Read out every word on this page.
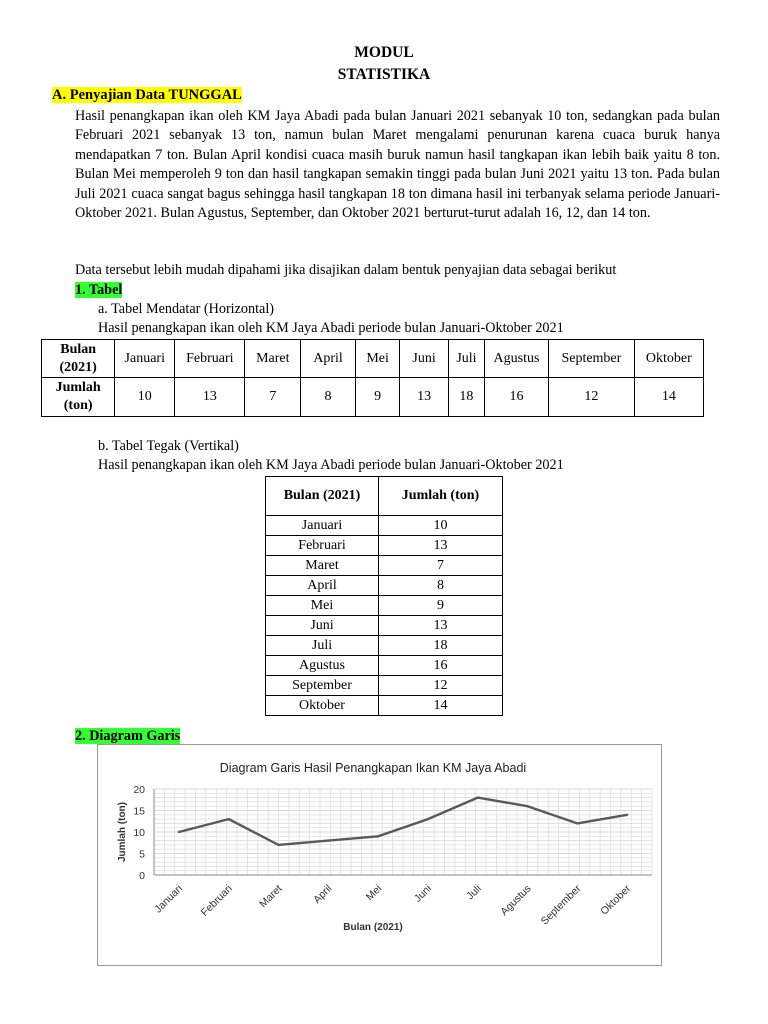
MODUL
STATISTIKA
A. Penyajian Data TUNGGAL
Hasil penangkapan ikan oleh KM Jaya Abadi pada bulan Januari 2021 sebanyak 10 ton, sedangkan pada bulan Februari 2021 sebanyak 13 ton, namun bulan Maret mengalami penurunan karena cuaca buruk hanya mendapatkan 7 ton. Bulan April kondisi cuaca masih buruk namun hasil tangkapan ikan lebih baik yaitu 8 ton. Bulan Mei memperoleh 9 ton dan hasil tangkapan semakin tinggi pada bulan Juni 2021 yaitu 13 ton. Pada bulan Juli 2021 cuaca sangat bagus sehingga hasil tangkapan 18 ton dimana hasil ini terbanyak selama periode Januari-Oktober 2021. Bulan Agustus, September, dan Oktober 2021 berturut-turut adalah 16, 12, dan 14 ton.
Data tersebut lebih mudah dipahami jika disajikan dalam bentuk penyajian data sebagai berikut
1. Tabel
a. Tabel Mendatar (Horizontal)
Hasil penangkapan ikan oleh KM Jaya Abadi periode bulan Januari-Oktober 2021
Bulan
(2021)	Januari	Februari	Maret	April	Mei	Juni	Juli	Agustus	September	Oktober

Jumlah
(ton)	10	13	7	8	9	13	18	16	12	14
b. Tabel Tegak (Vertikal)
Hasil penangkapan ikan oleh KM Jaya Abadi periode bulan Januari-Oktober 2021
Bulan (2021)	Jumlah (ton)
Januari	10
Februari	13
Maret	7
April	8
Mei	9
Juni	13
Juli	18
Agustus	16
September	12
Oktober	14
2. Diagram Garis
Diagram Garis Hasil Penangkapan Ikan KM Jaya Abadi
0
5
10
15
20
Jumlah (ton)
Januari Februari Maret	April	Mei	Juni	Juli Agustus September Oktober
Bulan (2021)
